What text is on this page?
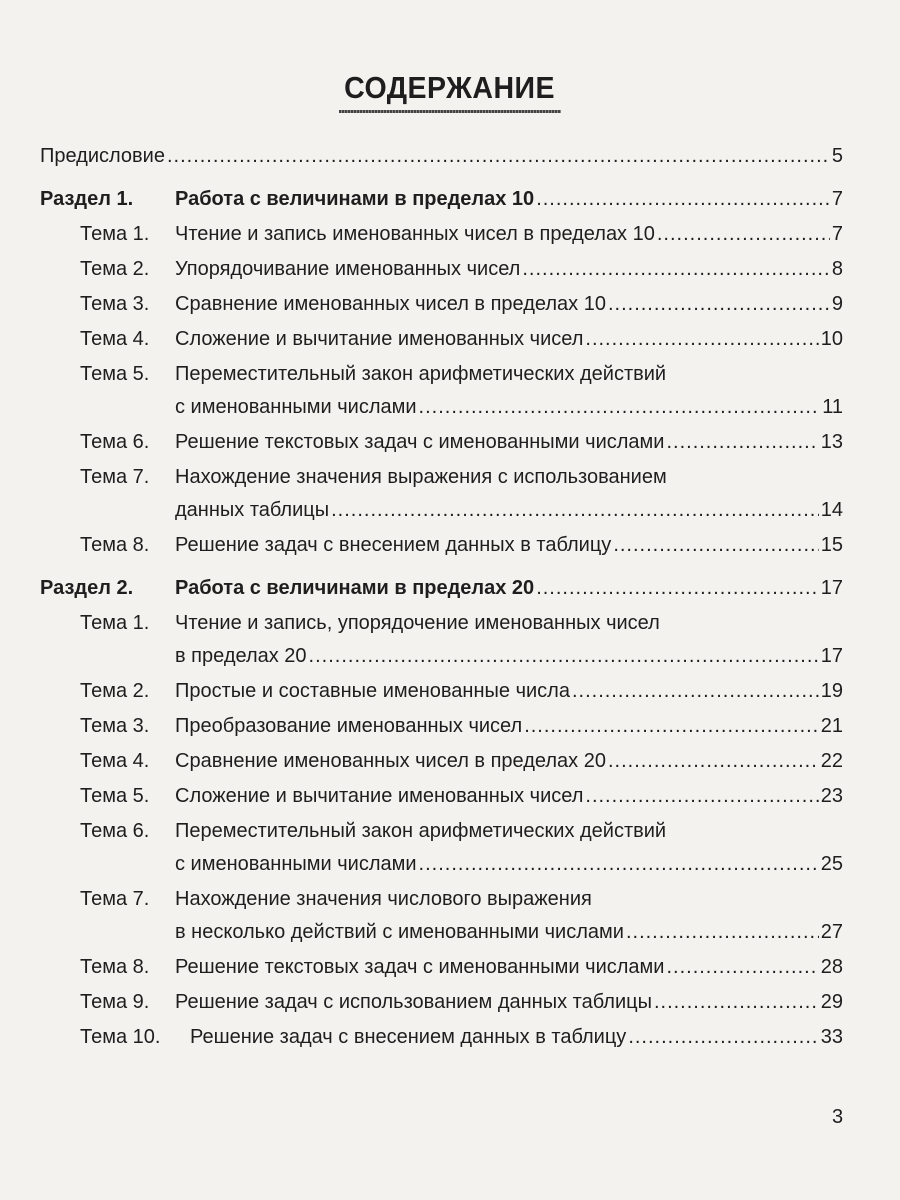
СОДЕРЖАНИЕ
Предисловие .....	5
Раздел 1.	Работа с величинами в пределах 10 .....	7
Тема 1.	Чтение и запись именованных чисел в пределах 10 .....	7
Тема 2.	Упорядочивание именованных чисел .....	8
Тема 3.	Сравнение именованных чисел в пределах 10 .....	9
Тема 4.	Сложение и вычитание именованных чисел .....	10
Тема 5.	Переместительный закон арифметических действий
с именованными числами .....	11
Тема 6.	Решение текстовых задач с именованными числами .....	13
Тема 7.	Нахождение значения выражения с использованием
данных таблицы .....	14
Тема 8.	Решение задач с внесением данных в таблицу .....	15
Раздел 2.	Работа с величинами в пределах 20 .....	17
Тема 1.	Чтение и запись, упорядочение именованных чисел
в пределах 20 .....	17
Тема 2.	Простые и составные именованные числа .....	19
Тема 3.	Преобразование именованных чисел .....	21
Тема 4.	Сравнение именованных чисел в пределах 20 .....	22
Тема 5.	Сложение и вычитание именованных чисел .....	23
Тема 6.	Переместительный закон арифметических действий
с именованными числами .....	25
Тема 7.	Нахождение значения числового выражения
в несколько действий с именованными числами .....	27
Тема 8.	Решение текстовых задач с именованными числами .....	28
Тема 9.	Решение задач с использованием данных таблицы .....	29
Тема 10.	Решение задач с внесением данных в таблицу .....	33
3
